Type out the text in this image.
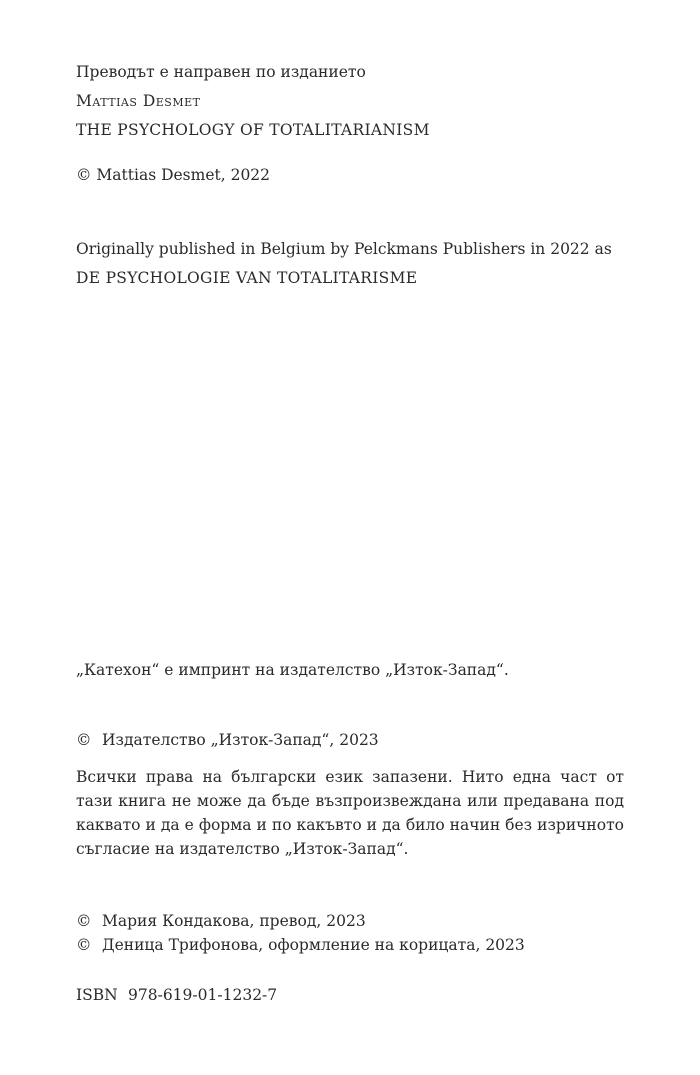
Преводът е направен по изданието

Mattias Desmet

THE PSYCHOLOGY OF TOTALITARIANISM

© Mattias Desmet, 2022

Originally published in Belgium by Pelckmans Publishers in 2022 as

DE PSYCHOLOGIE VAN TOTALITARISME

„Катехон“ е импринт на издателство „Изток-Запад“.

© Издателство „Изток-Запад“, 2023

Всички права на български език запазени. Нито една част от тази книга не може да бъде възпроизвеждана или предавана под каквато и да е форма и по какъвто и да било начин без изричното съгласие на издателство „Изток-Запад“.

© Мария Кондакова, превод, 2023

© Деница Трифонова, оформление на корицата, 2023

ISBN 978-619-01-1232-7
